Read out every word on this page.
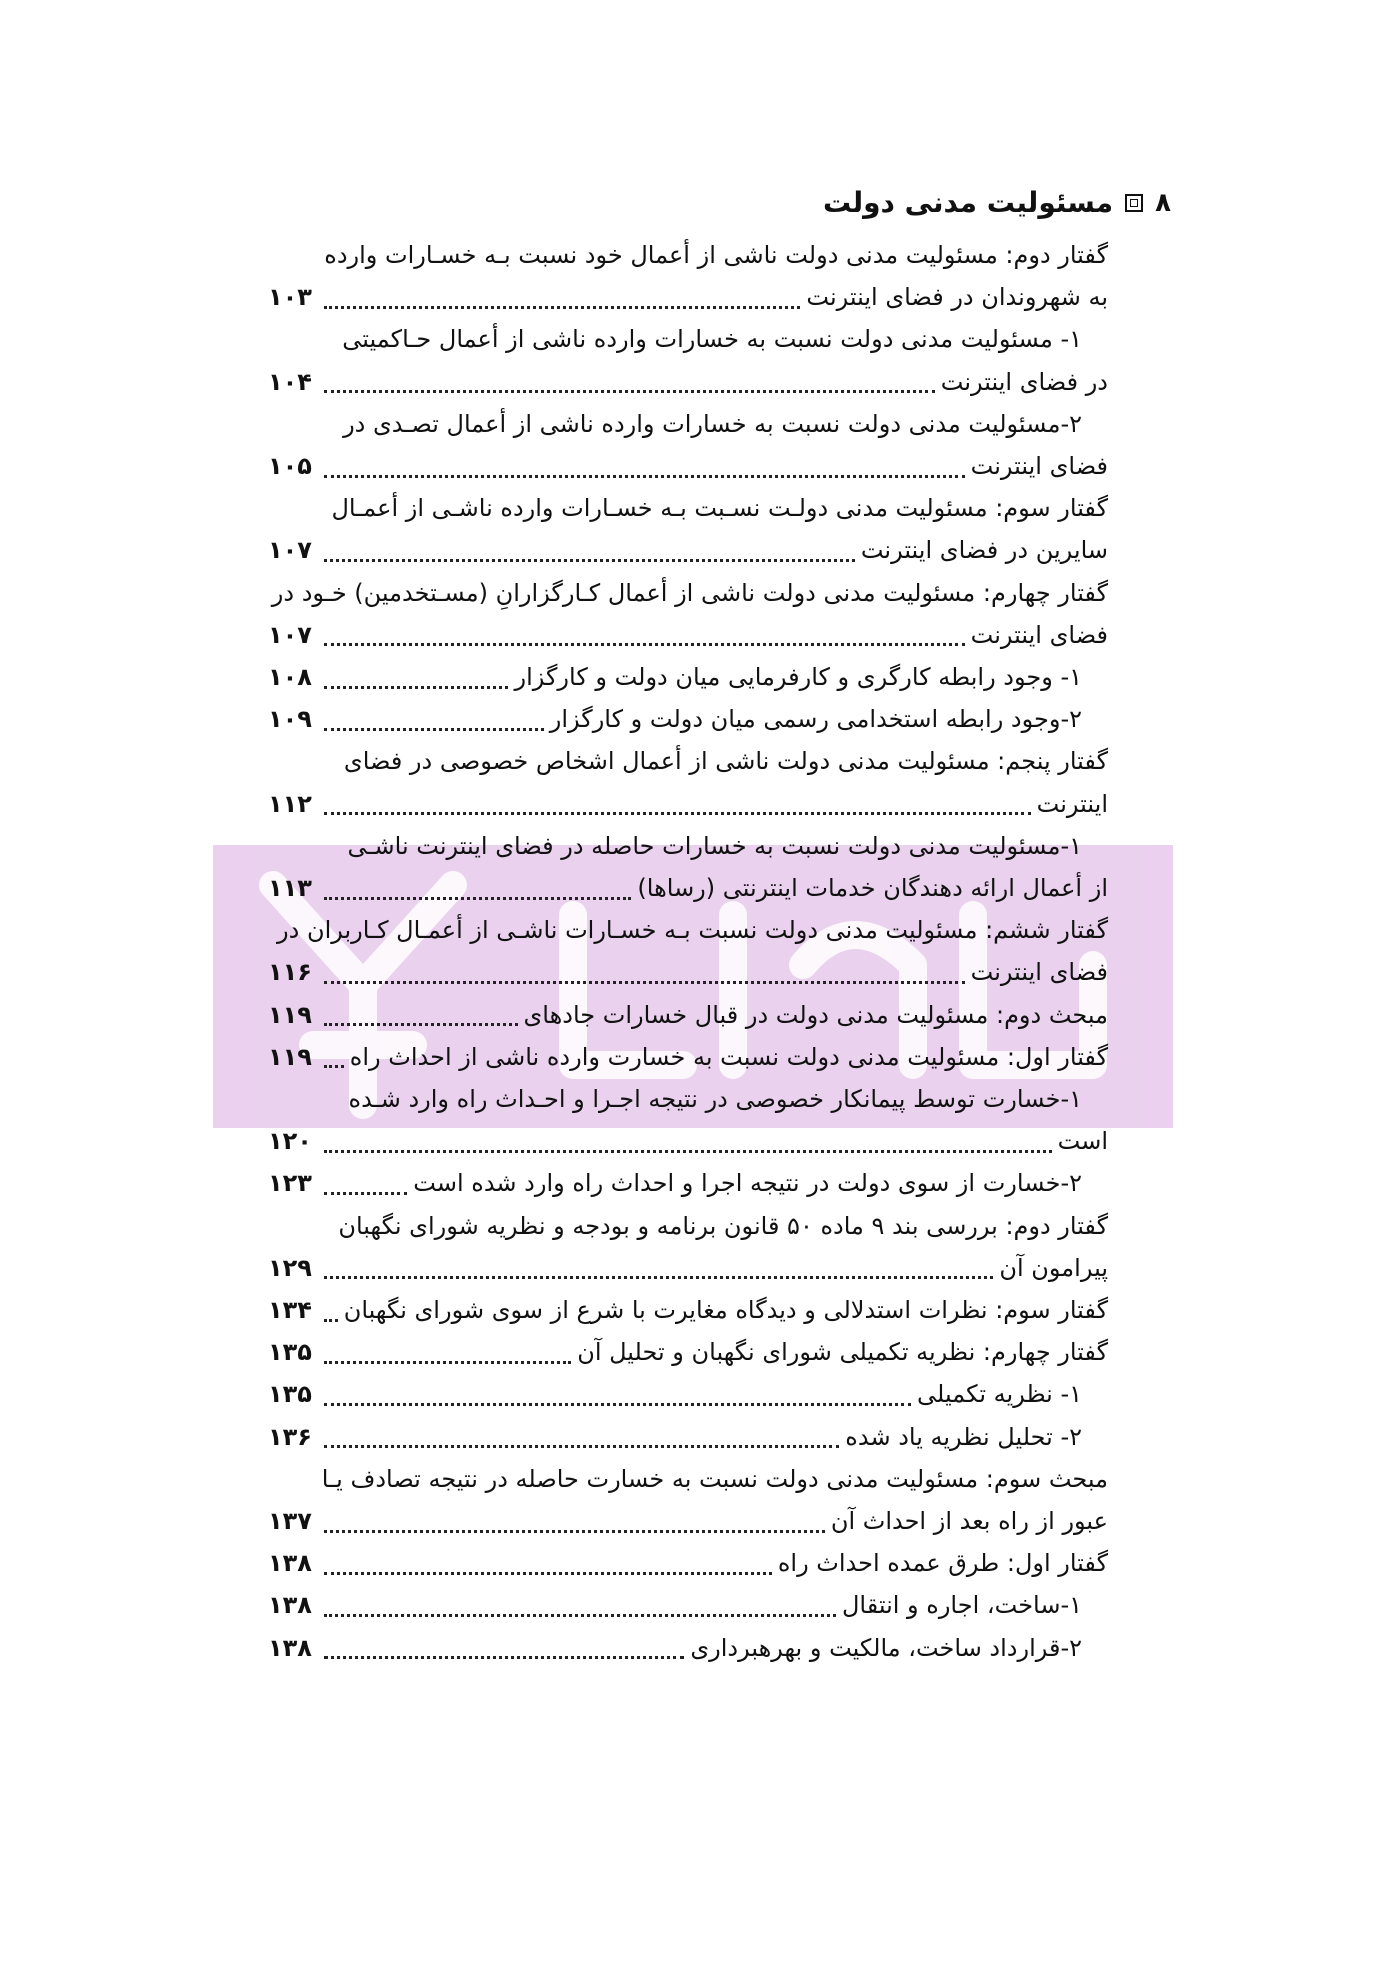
۸
مسئولیت مدنی دولت
گفتار دوم: مسئولیت مدنی دولت ناشی از أعمال خود نسبت بـه خسـارات وارده
به شهروندان در فضای اینترنت
۱۰۳
۱- مسئولیت مدنی دولت نسبت به خسارات وارده ناشی از أعمال حـاکمیتی
در فضای اینترنت
۱۰۴
۲-مسئولیت مدنی دولت نسبت به خسارات وارده ناشی از أعمال تصـدی در
فضای اینترنت
۱۰۵
گفتار سوم: مسئولیت مدنی دولـت نسـبت بـه خسـارات وارده ناشـی از أعمـال
سایرین در فضای اینترنت
۱۰۷
گفتار چهارم: مسئولیت مدنی دولت ناشی از أعمال کـارگزارانِ (مسـتخدمین) خـود در
فضای اینترنت
۱۰۷
۱- وجود رابطه کارگری و کارفرمایی میان دولت و کارگزار
۱۰۸
۲-وجود رابطه استخدامی رسمی میان دولت و کارگزار
۱۰۹
گفتار پنجم: مسئولیت مدنی دولت ناشی از أعمال اشخاص خصوصی در فضای
اینترنت
۱۱۲
۱-مسئولیت مدنی دولت نسبت به خسارات حاصله در فضای اینترنت ناشـی
از أعمال ارائه دهندگان خدمات اینترنتی (رساها)
۱۱۳
گفتار ششم: مسئولیت مدنی دولت نسبت بـه خسـارات ناشـی از أعمـال کـاربران در
فضای اینترنت
۱۱۶
مبحث دوم: مسئولیت مدنی دولت در قبال خسارات جادهای
۱۱۹
گفتار اول: مسئولیت مدنی دولت نسبت به خسارت وارده ناشی از احداث راه
۱۱۹
۱-خسارت توسط پیمانکار خصوصی در نتیجه اجـرا و احـداث راه وارد شـده
است
۱۲۰
۲-خسارت از سوی دولت در نتیجه اجرا و احداث راه وارد شده است
۱۲۳
گفتار دوم: بررسی بند ۹ ماده ۵۰ قانون برنامه و بودجه و نظریه شورای نگهبان
پیرامون آن
۱۲۹
گفتار سوم: نظرات استدلالی و دیدگاه مغایرت با شرع از سوی شورای نگهبان
۱۳۴
گفتار چهارم: نظریه تکمیلی شورای نگهبان و تحلیل آن
۱۳۵
۱- نظریه تکمیلی
۱۳۵
۲- تحلیل نظریه یاد شده
۱۳۶
مبحث سوم: مسئولیت مدنی دولت نسبت به خسارت حاصله در نتیجه تصادف یـا
عبور از راه بعد از احداث آن
۱۳۷
گفتار اول: طرق عمده احداث راه
۱۳۸
۱-ساخت، اجاره و انتقال
۱۳۸
۲-قرارداد ساخت، مالکیت و بهرهبرداری
۱۳۸
